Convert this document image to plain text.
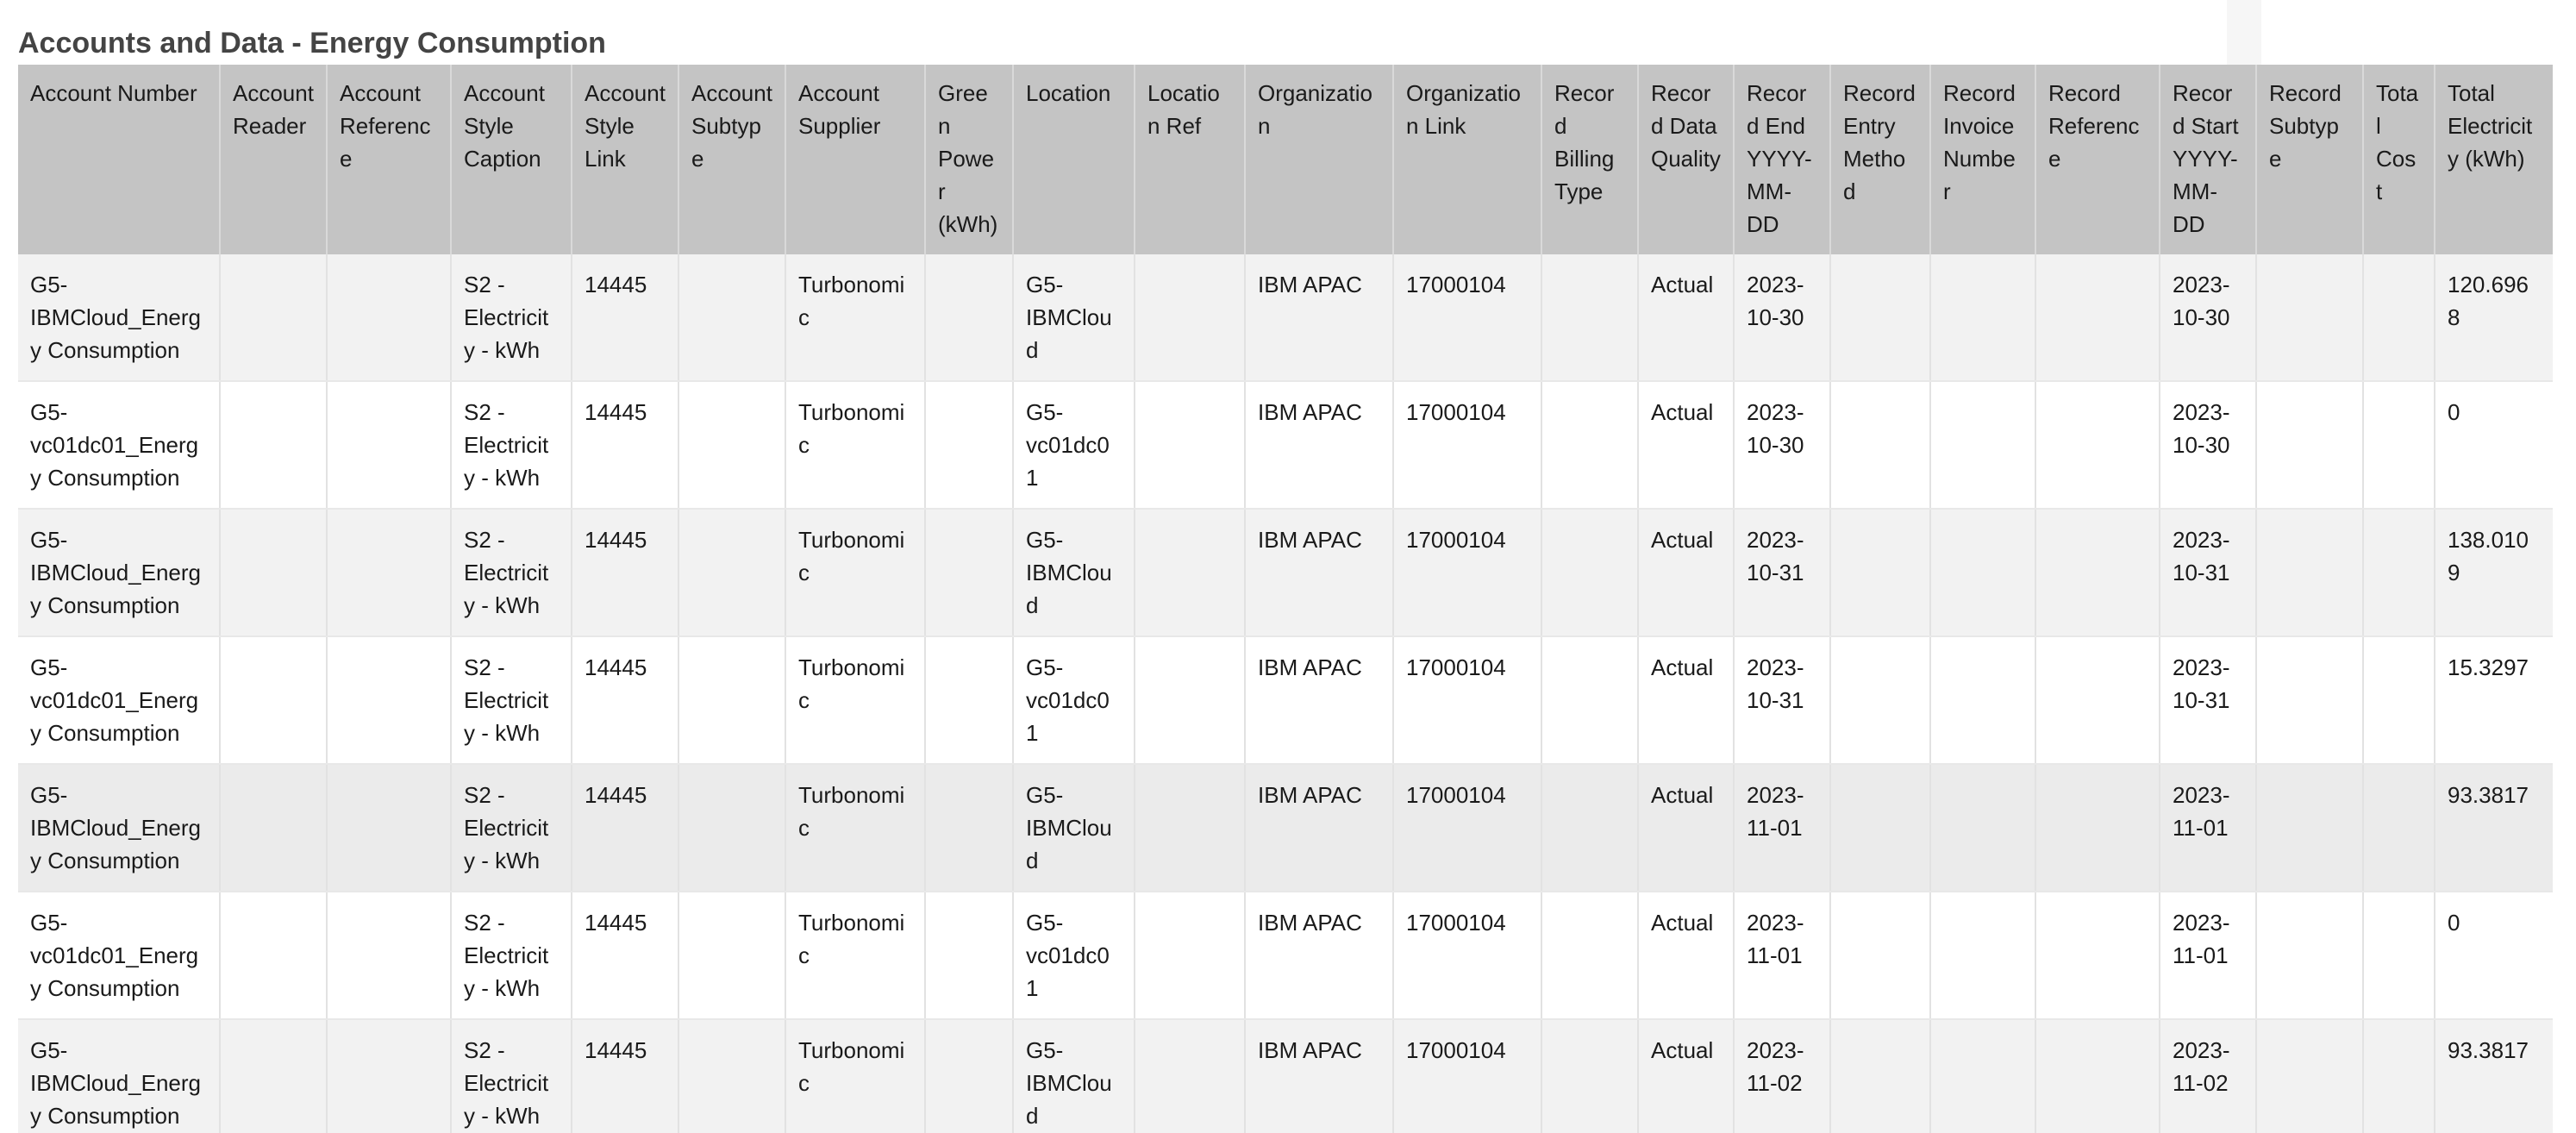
Accounts and Data - Energy Consumption
Account Number	Account Reader	Account Reference	Account Style Caption	Account Style Link	Account Subtype	Account Supplier	Green Power (kWh)	Location	Location Ref	Organization	Organization Link	Record Billing Type	Record Data Quality	Record End YYYY-MM-DD	Record Entry Method	Record Invoice Number	Record Reference	Record Start YYYY-MM-DD	Record Subtype	Total Cost	Total Electricity (kWh)
G5-IBMCloud_Energy Consumption			S2 - Electricity - kWh	14445		Turbonomic		G5-IBMCloud		IBM APAC	17000104		Actual	2023-10-30				2023-10-30			120.6968
G5-vc01dc01_Energy Consumption			S2 - Electricity - kWh	14445		Turbonomic		G5-vc01dc01		IBM APAC	17000104		Actual	2023-10-30				2023-10-30			0
G5-IBMCloud_Energy Consumption			S2 - Electricity - kWh	14445		Turbonomic		G5-IBMCloud		IBM APAC	17000104		Actual	2023-10-31				2023-10-31			138.0109
G5-vc01dc01_Energy Consumption			S2 - Electricity - kWh	14445		Turbonomic		G5-vc01dc01		IBM APAC	17000104		Actual	2023-10-31				2023-10-31			15.3297
G5-IBMCloud_Energy Consumption			S2 - Electricity - kWh	14445		Turbonomic		G5-IBMCloud		IBM APAC	17000104		Actual	2023-11-01				2023-11-01			93.3817
G5-vc01dc01_Energy Consumption			S2 - Electricity - kWh	14445		Turbonomic		G5-vc01dc01		IBM APAC	17000104		Actual	2023-11-01				2023-11-01			0
G5-IBMCloud_Energy Consumption			S2 - Electricity - kWh	14445		Turbonomic		G5-IBMCloud		IBM APAC	17000104		Actual	2023-11-02				2023-11-02			93.3817
